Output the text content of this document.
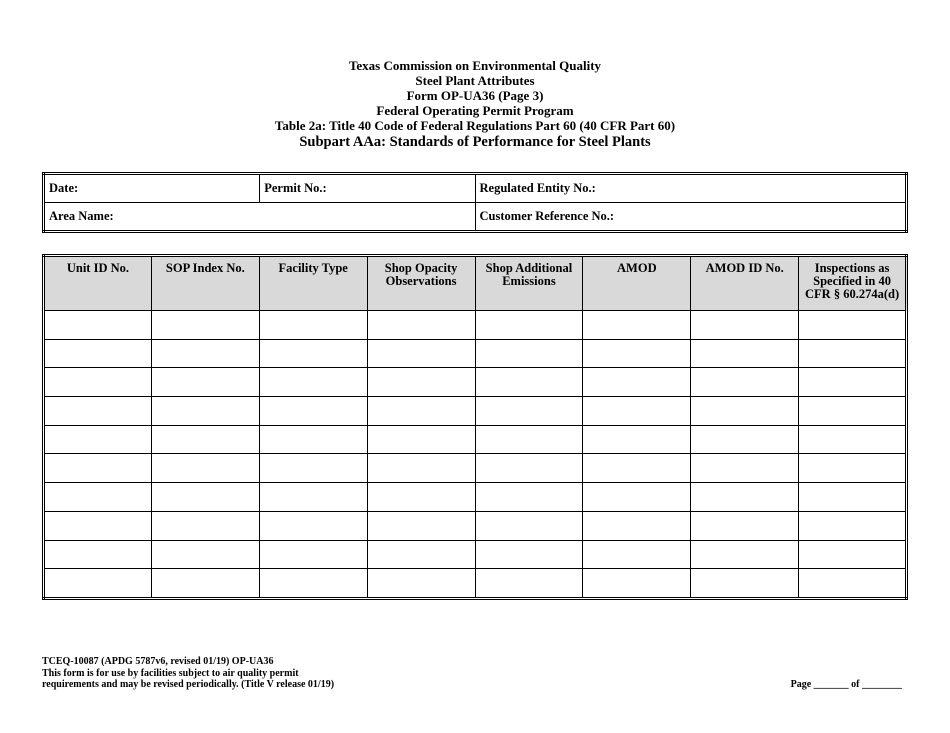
Texas Commission on Environmental Quality
Steel Plant Attributes
Form OP-UA36 (Page 3)
Federal Operating Permit Program
Table 2a: Title 40 Code of Federal Regulations Part 60 (40 CFR Part 60)
Subpart AAa: Standards of Performance for Steel Plants
Date:	Permit No.:	Regulated Entity No.:
Area Name:		Customer Reference No.:
Unit ID No.	SOP Index No.	Facility Type	Shop Opacity Observations	Shop Additional Emissions	AMOD	AMOD ID No.	Inspections as Specified in 40 CFR § 60.274a(d)

TCEQ-10087 (APDG 5787v6, revised 01/19) OP-UA36
This form is for use by facilities subject to air quality permit
requirements and may be revised periodically. (Title V release 01/19)	Page _______ of ________
